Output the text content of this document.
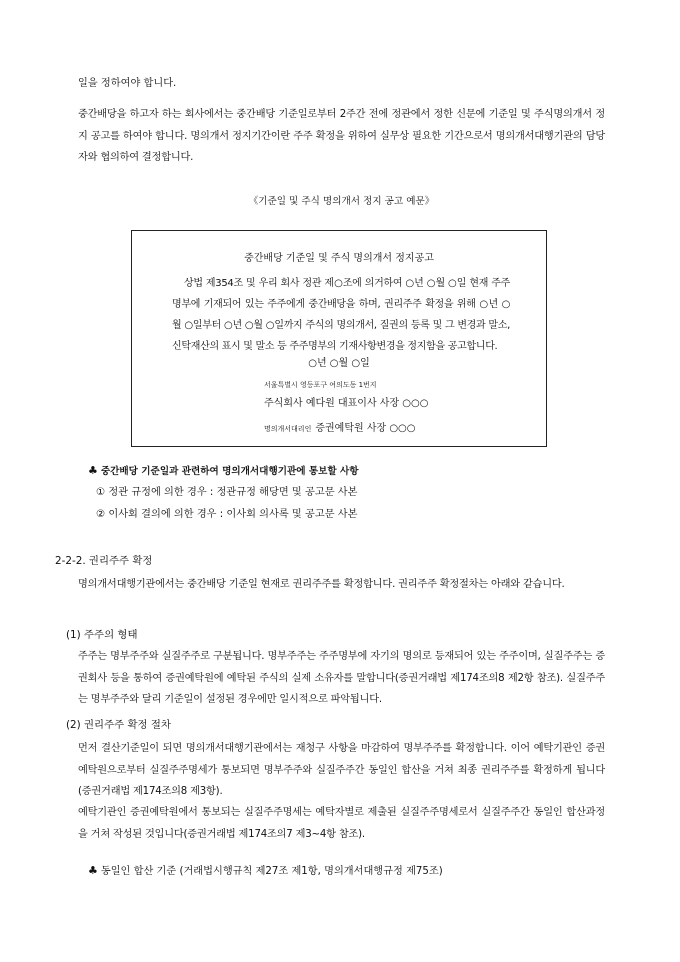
일을 정하여야 합니다.

중간배당을 하고자 하는 회사에서는 중간배당 기준일로부터 2주간 전에 정관에서 정한 신문에 기준일 및 주식명의개서 정지 공고를 하여야 합니다. 명의개서 정지기간이란 주주 확정을 위하여 실무상 필요한 기간으로서 명의개서대행기관의 담당자와 협의하여 결정합니다.

《기준일 및 주식 명의개서 정지 공고 예문》
중간배당 기준일 및 주식 명의개서 정지공고

상법 제354조 및 우리 회사 정관 제○조에 의거하여 ○년 ○월 ○일 현재 주주명부에 기재되어 있는 주주에게 중간배당을 하며, 권리주주 확정을 위해 ○년 ○월 ○일부터 ○년 ○월 ○일까지 주식의 명의개서, 질권의 등록 및 그 변경과 말소, 신탁재산의 표시 및 말소 등 주주명부의 기재사항변경을 정지함을 공고합니다.

○년 ○월 ○일
서울특별시 영등포구 여의도동 1번지
주식회사 예다원 대표이사 사장 ○○○
명의개서대리인 증권예탁원 사장 ○○○
♣ 중간배당 기준일과 관련하여 명의개서대행기관에 통보할 사항
① 정관 규정에 의한 경우 : 정관규정 해당면 및 공고문 사본
② 이사회 결의에 의한 경우 : 이사회 의사록 및 공고문 사본
2-2-2. 권리주주 확정

명의개서대행기관에서는 중간배당 기준일 현재로 권리주주를 확정합니다. 권리주주 확정절차는 아래와 같습니다.

(1) 주주의 형태

주주는 명부주주와 실질주주로 구분됩니다. 명부주주는 주주명부에 자기의 명의로 등재되어 있는 주주이며, 실질주주는 증권회사 등을 통하여 증권예탁원에 예탁된 주식의 실제 소유자를 말합니다(증권거래법 제174조의8 제2항 참조). 실질주주는 명부주주와 달리 기준일이 설정된 경우에만 일시적으로 파악됩니다.

(2) 권리주주 확정 절차

먼저 결산기준일이 되면 명의개서대행기관에서는 재청구 사항을 마감하여 명부주주를 확정합니다. 이어 예탁기관인 증권예탁원으로부터 실질주주명세가 통보되면 명부주주와 실질주주간 동일인 합산을 거쳐 최종 권리주주를 확정하게 됩니다(증권거래법 제174조의8 제3항).

예탁기관인 증권예탁원에서 통보되는 실질주주명세는 예탁자별로 제출된 실질주주명세로서 실질주주간 동일인 합산과정을 거쳐 작성된 것입니다(증권거래법 제174조의7 제3~4항 참조).

♣ 동일인 합산 기준 (거래법시행규칙 제27조 제1항, 명의개서대행규정 제75조)
